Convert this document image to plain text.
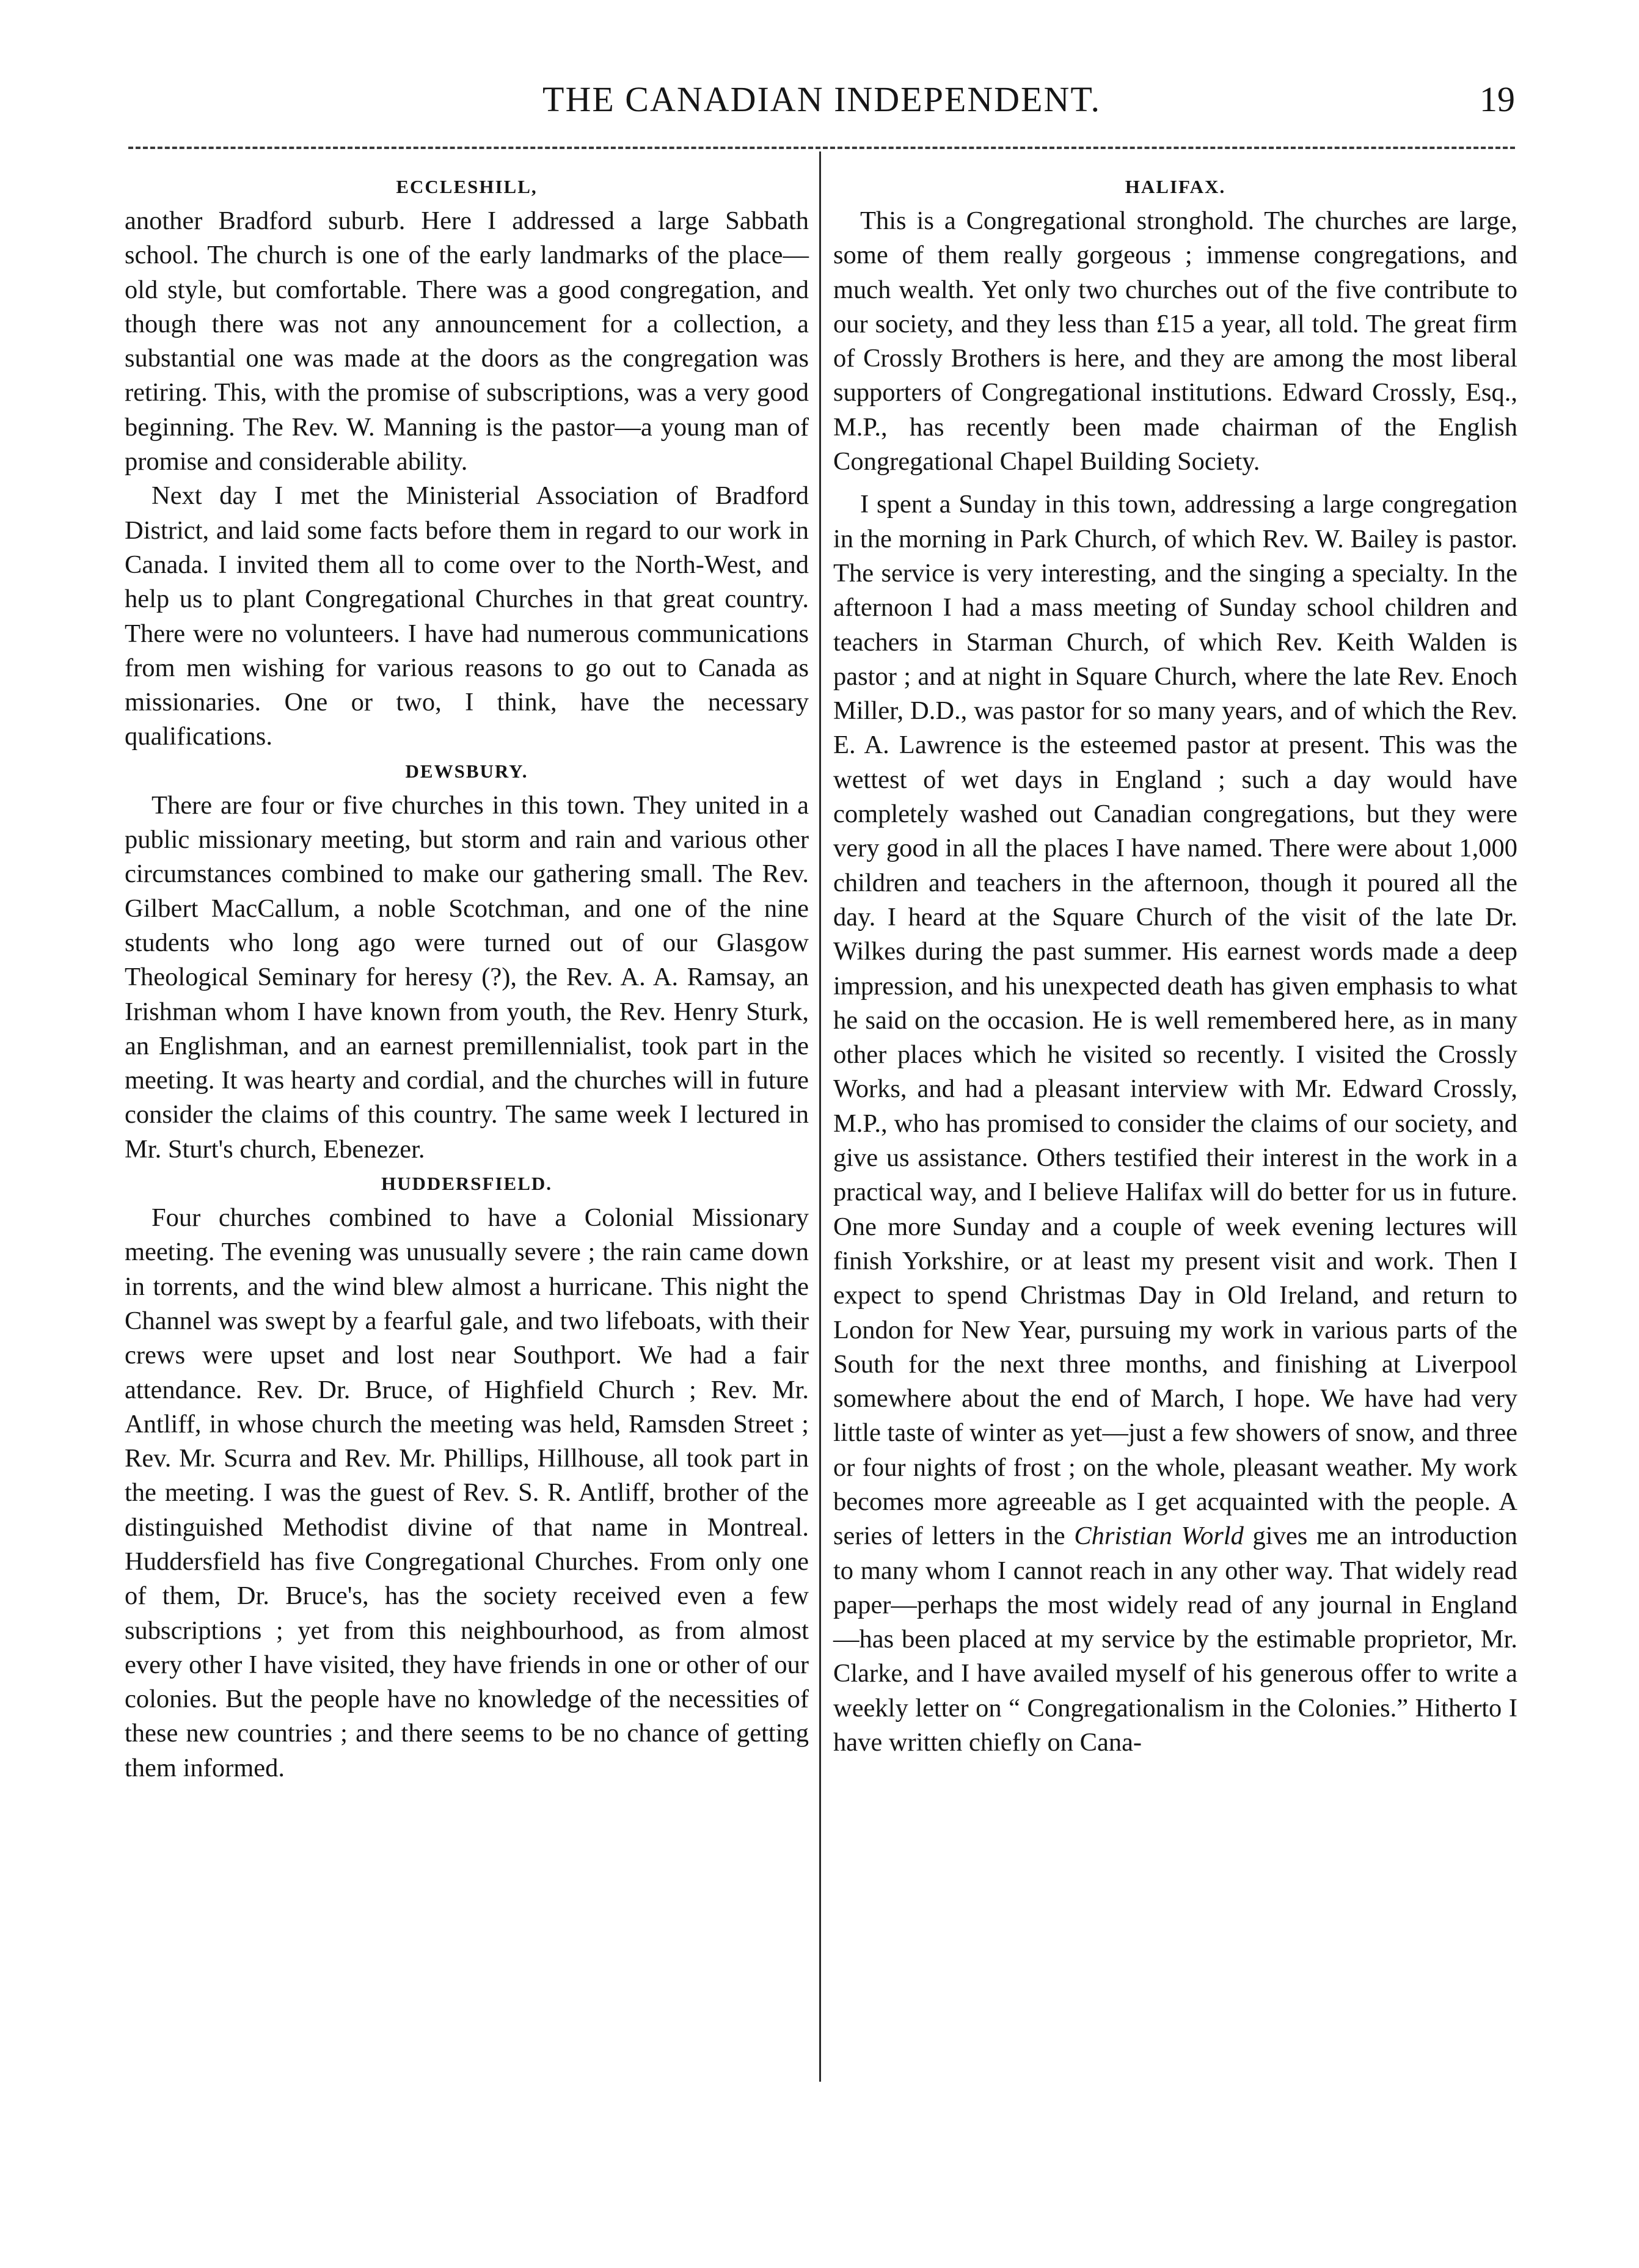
THE CANADIAN INDEPENDENT.	19
ECCLESHILL,

another Bradford suburb. Here I addressed a large Sabbath school. The church is one of the early landmarks of the place—old style, but comfortable. There was a good congregation, and though there was not any announcement for a collection, a substantial one was made at the doors as the congregation was retiring. This, with the promise of subscriptions, was a very good beginning. The Rev. W. Manning is the pastor—a young man of promise and considerable ability.

Next day I met the Ministerial Association of Bradford District, and laid some facts before them in regard to our work in Canada. I invited them all to come over to the North-West, and help us to plant Congregational Churches in that great country. There were no volunteers. I have had numerous communications from men wishing for various reasons to go out to Canada as missionaries. One or two, I think, have the necessary qualifications.

DEWSBURY.

There are four or five churches in this town. They united in a public missionary meeting, but storm and rain and various other circumstances combined to make our gathering small. The Rev. Gilbert MacCallum, a noble Scotchman, and one of the nine students who long ago were turned out of our Glasgow Theological Seminary for heresy (?), the Rev. A. A. Ramsay, an Irishman whom I have known from youth, the Rev. Henry Sturk, an Englishman, and an earnest premillennialist, took part in the meeting. It was hearty and cordial, and the churches will in future consider the claims of this country. The same week I lectured in Mr. Sturt's church, Ebenezer.

HUDDERSFIELD.

Four churches combined to have a Colonial Missionary meeting. The evening was unusually severe ; the rain came down in torrents, and the wind blew almost a hurricane. This night the Channel was swept by a fearful gale, and two lifeboats, with their crews were upset and lost near Southport. We had a fair attendance. Rev. Dr. Bruce, of Highfield Church ; Rev. Mr. Antliff, in whose church the meeting was held, Ramsden Street ; Rev. Mr. Scurra and Rev. Mr. Phillips, Hillhouse, all took part in the meeting. I was the guest of Rev. S. R. Antliff, brother of the distinguished Methodist divine of that name in Montreal. Huddersfield has five Congregational Churches. From only one of them, Dr. Bruce's, has the society received even a few subscriptions ; yet from this neighbourhood, as from almost every other I have visited, they have friends in one or other of our colonies. But the people have no knowledge of the necessities of these new countries ; and there seems to be no chance of getting them informed.

HALIFAX.

This is a Congregational stronghold. The churches are large, some of them really gorgeous ; immense congregations, and much wealth. Yet only two churches out of the five contribute to our society, and they less than £15 a year, all told. The great firm of Crossly Brothers is here, and they are among the most liberal supporters of Congregational institutions. Edward Crossly, Esq., M.P., has recently been made chairman of the English Congregational Chapel Building Society.

I spent a Sunday in this town, addressing a large congregation in the morning in Park Church, of which Rev. W. Bailey is pastor. The service is very interesting, and the singing a specialty. In the afternoon I had a mass meeting of Sunday school children and teachers in Starman Church, of which Rev. Keith Walden is pastor ; and at night in Square Church, where the late Rev. Enoch Miller, D.D., was pastor for so many years, and of which the Rev. E. A. Lawrence is the esteemed pastor at present. This was the wettest of wet days in England ; such a day would have completely washed out Canadian congregations, but they were very good in all the places I have named. There were about 1,000 children and teachers in the afternoon, though it poured all the day. I heard at the Square Church of the visit of the late Dr. Wilkes during the past summer. His earnest words made a deep impression, and his unexpected death has given emphasis to what he said on the occasion. He is well remembered here, as in many other places which he visited so recently. I visited the Crossly Works, and had a pleasant interview with Mr. Edward Crossly, M.P., who has promised to consider the claims of our society, and give us assistance. Others testified their interest in the work in a practical way, and I believe Halifax will do better for us in future. One more Sunday and a couple of week evening lectures will finish Yorkshire, or at least my present visit and work. Then I expect to spend Christmas Day in Old Ireland, and return to London for New Year, pursuing my work in various parts of the South for the next three months, and finishing at Liverpool somewhere about the end of March, I hope. We have had very little taste of winter as yet—just a few showers of snow, and three or four nights of frost ; on the whole, pleasant weather. My work becomes more agreeable as I get acquainted with the people. A series of letters in the Christian World gives me an introduction to many whom I cannot reach in any other way. That widely read paper—perhaps the most widely read of any journal in England—has been placed at my service by the estimable proprietor, Mr. Clarke, and I have availed myself of his generous offer to write a weekly letter on “ Congregationalism in the Colonies.” Hitherto I have written chiefly on Cana-
